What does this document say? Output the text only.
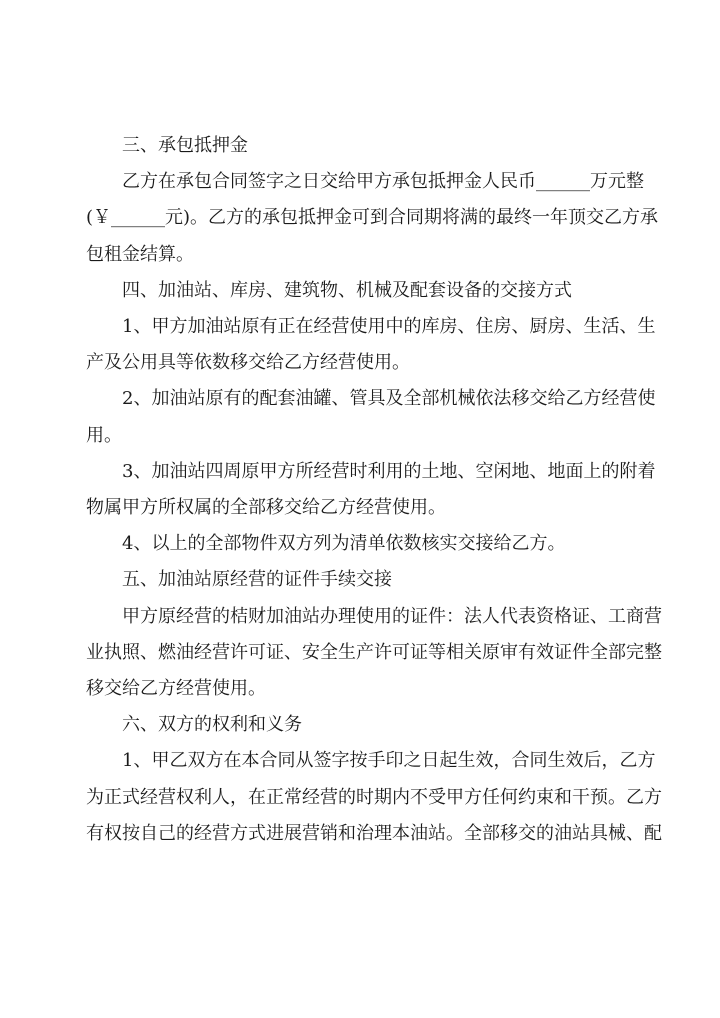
三、承包抵押金
乙方在承包合同签字之日交给甲方承包抵押金人民币______万元整
(￥______元)。乙方的承包抵押金可到合同期将满的最终一年顶交乙方承
包租金结算。
四、加油站、库房、建筑物、机械及配套设备的交接方式
1、甲方加油站原有正在经营使用中的库房、住房、厨房、生活、生
产及公用具等依数移交给乙方经营使用。
2、加油站原有的配套油罐、管具及全部机械依法移交给乙方经营使
用。
3、加油站四周原甲方所经营时利用的土地、空闲地、地面上的附着
物属甲方所权属的全部移交给乙方经营使用。
4、以上的全部物件双方列为清单依数核实交接给乙方。
五、加油站原经营的证件手续交接
甲方原经营的桔财加油站办理使用的证件：法人代表资格证、工商营
业执照、燃油经营许可证、安全生产许可证等相关原审有效证件全部完整
移交给乙方经营使用。
六、双方的权利和义务
1、甲乙双方在本合同从签字按手印之日起生效，合同生效后，乙方
为正式经营权利人，在正常经营的时期内不受甲方任何约束和干预。乙方
有权按自己的经营方式进展营销和治理本油站。全部移交的油站具械、配
